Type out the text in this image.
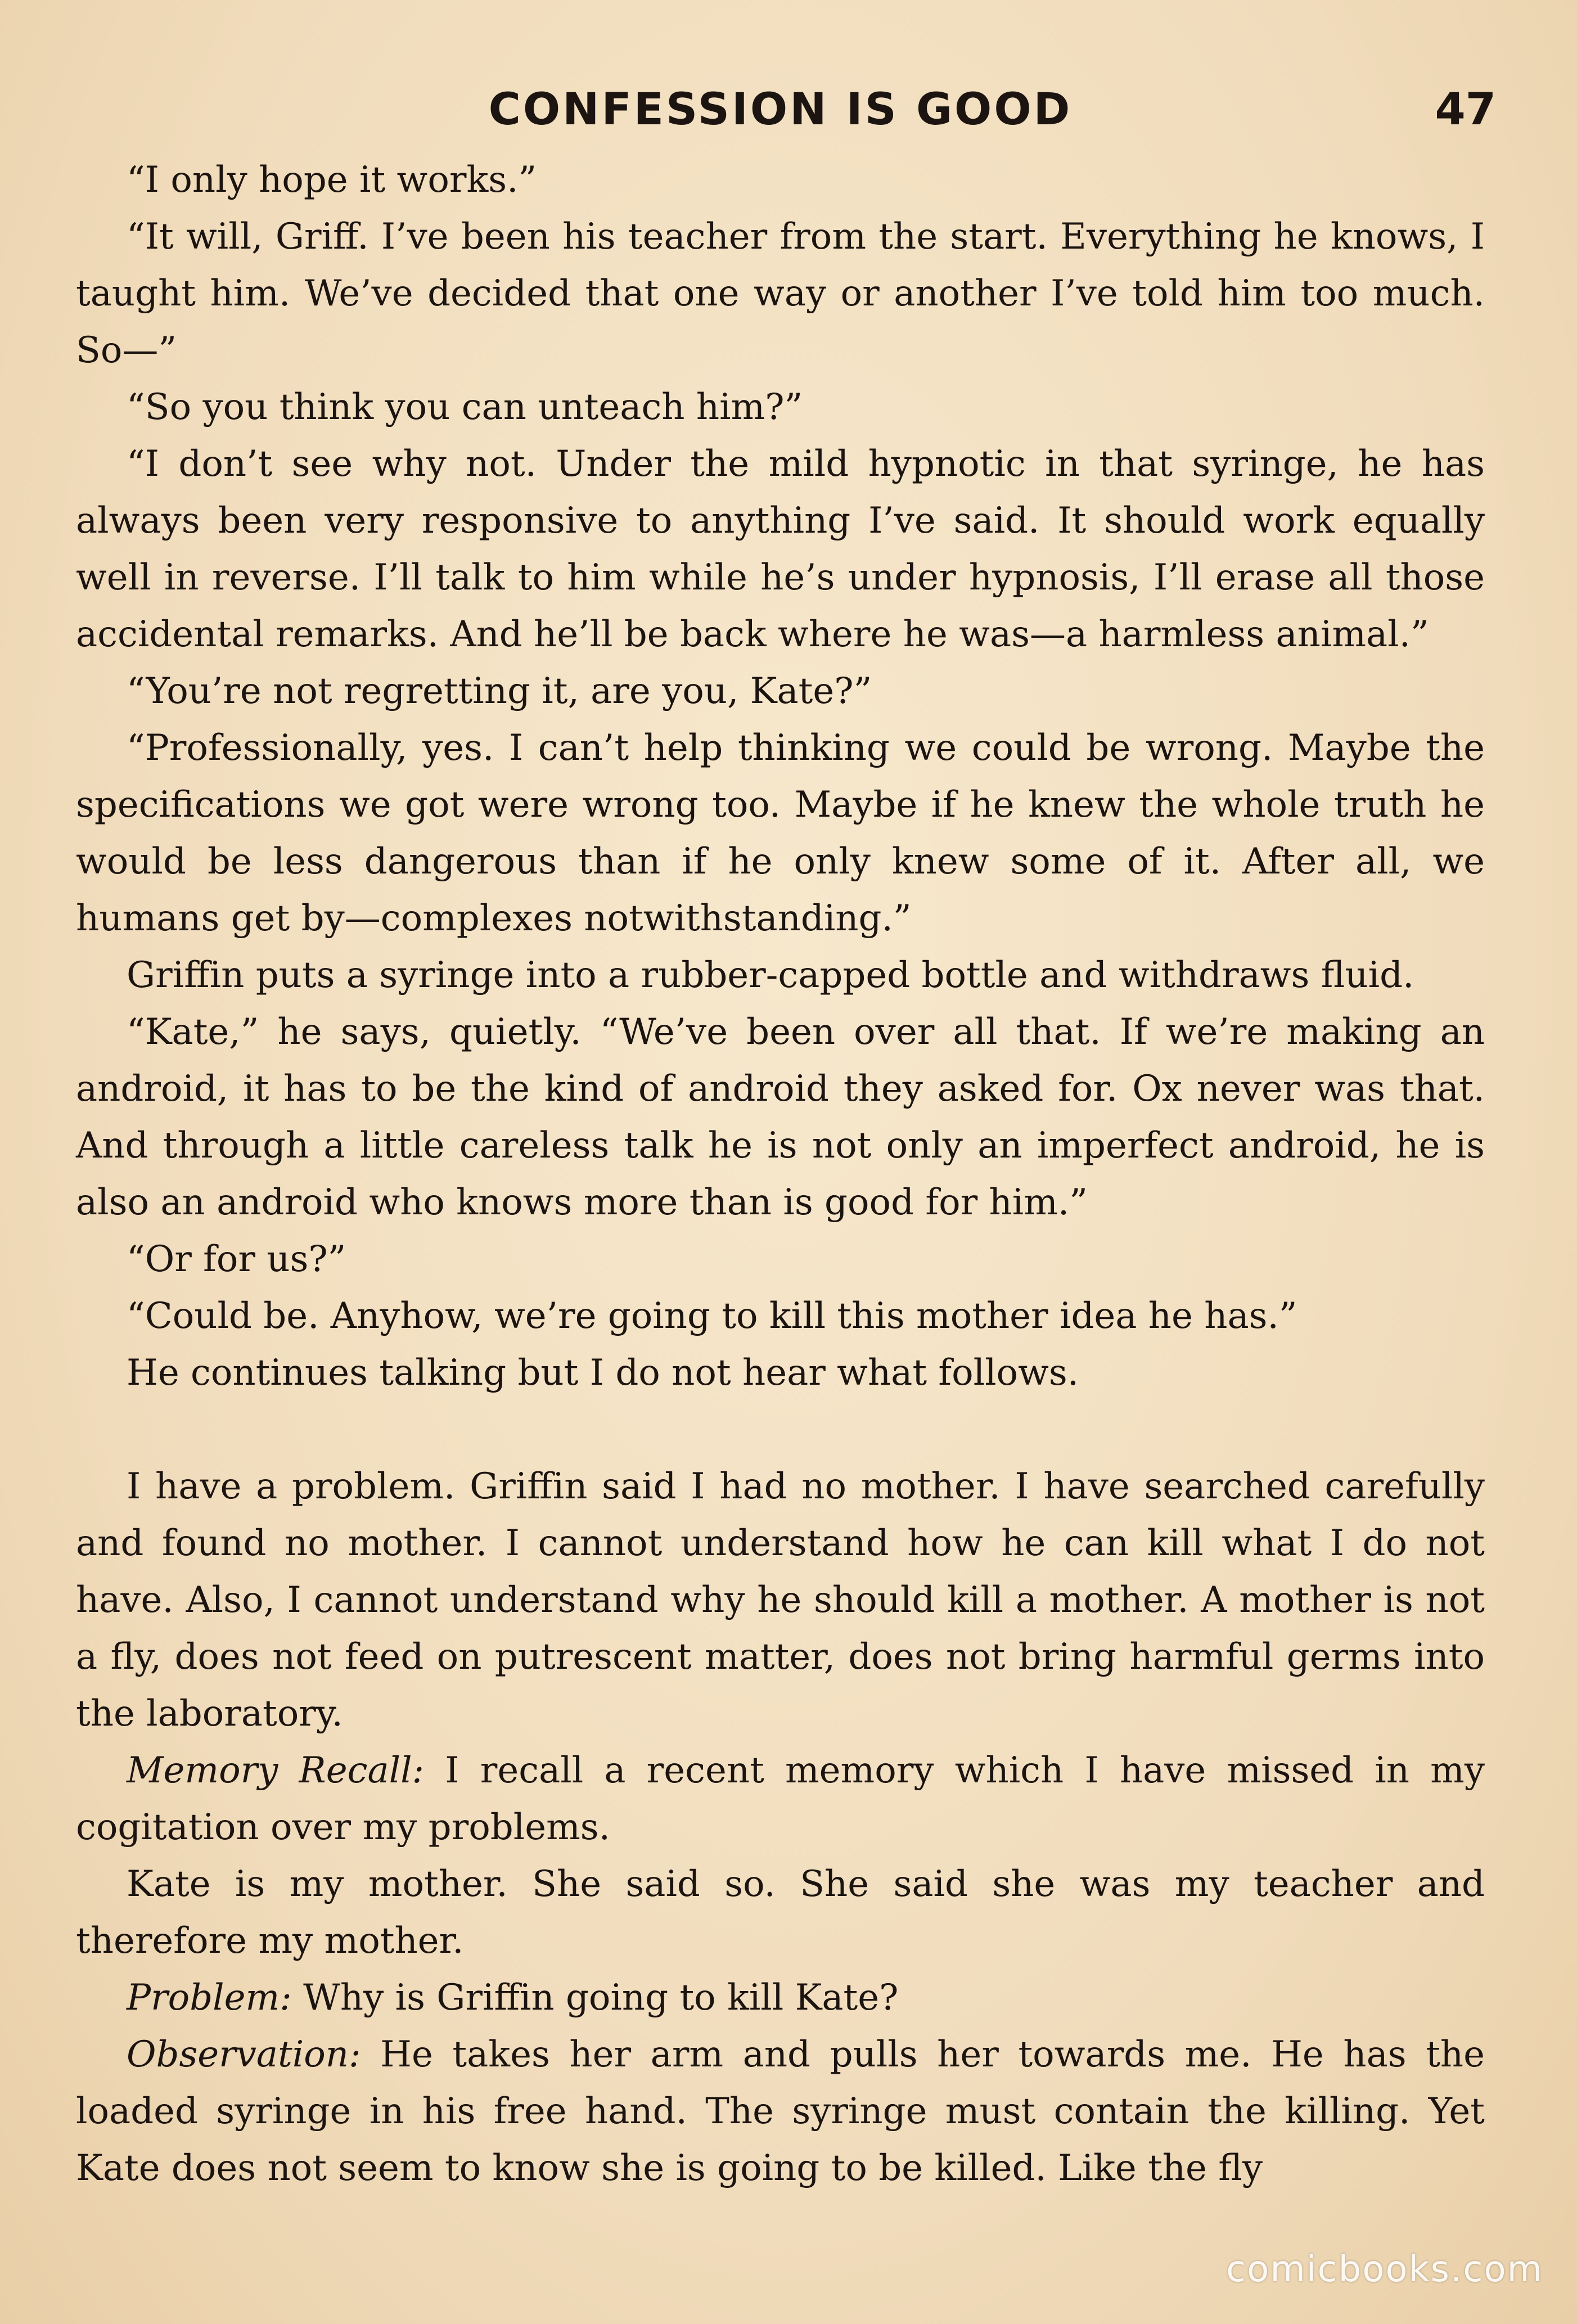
CONFESSION IS GOOD	47

“I only hope it works.”

“It will, Griff. I’ve been his teacher from the start. Everything he knows, I taught him. We’ve decided that one way or another I’ve told him too much. So—”

“So you think you can unteach him?”

“I don’t see why not. Under the mild hypnotic in that syringe, he has always been very responsive to anything I’ve said. It should work equally well in reverse. I’ll talk to him while he’s under hypnosis, I’ll erase all those accidental remarks. And he’ll be back where he was—a harmless animal.”

“You’re not regretting it, are you, Kate?”

“Professionally, yes. I can’t help thinking we could be wrong. Maybe the specifications we got were wrong too. Maybe if he knew the whole truth he would be less dangerous than if he only knew some of it. After all, we humans get by—complexes notwithstanding.”

Griffin puts a syringe into a rubber-capped bottle and withdraws fluid.

“Kate,” he says, quietly. “We’ve been over all that. If we’re making an android, it has to be the kind of android they asked for. Ox never was that. And through a little careless talk he is not only an imperfect android, he is also an android who knows more than is good for him.”

“Or for us?”

“Could be. Anyhow, we’re going to kill this mother idea he has.”

He continues talking but I do not hear what follows.

I have a problem. Griffin said I had no mother. I have searched carefully and found no mother. I cannot understand how he can kill what I do not have. Also, I cannot understand why he should kill a mother. A mother is not a fly, does not feed on putrescent matter, does not bring harmful germs into the laboratory.

Memory Recall: I recall a recent memory which I have missed in my cogitation over my problems.

Kate is my mother. She said so. She said she was my teacher and therefore my mother.

Problem: Why is Griffin going to kill Kate?

Observation: He takes her arm and pulls her towards me. He has the loaded syringe in his free hand. The syringe must contain the killing. Yet Kate does not seem to know she is going to be killed. Like the fly

comicbooks.com
